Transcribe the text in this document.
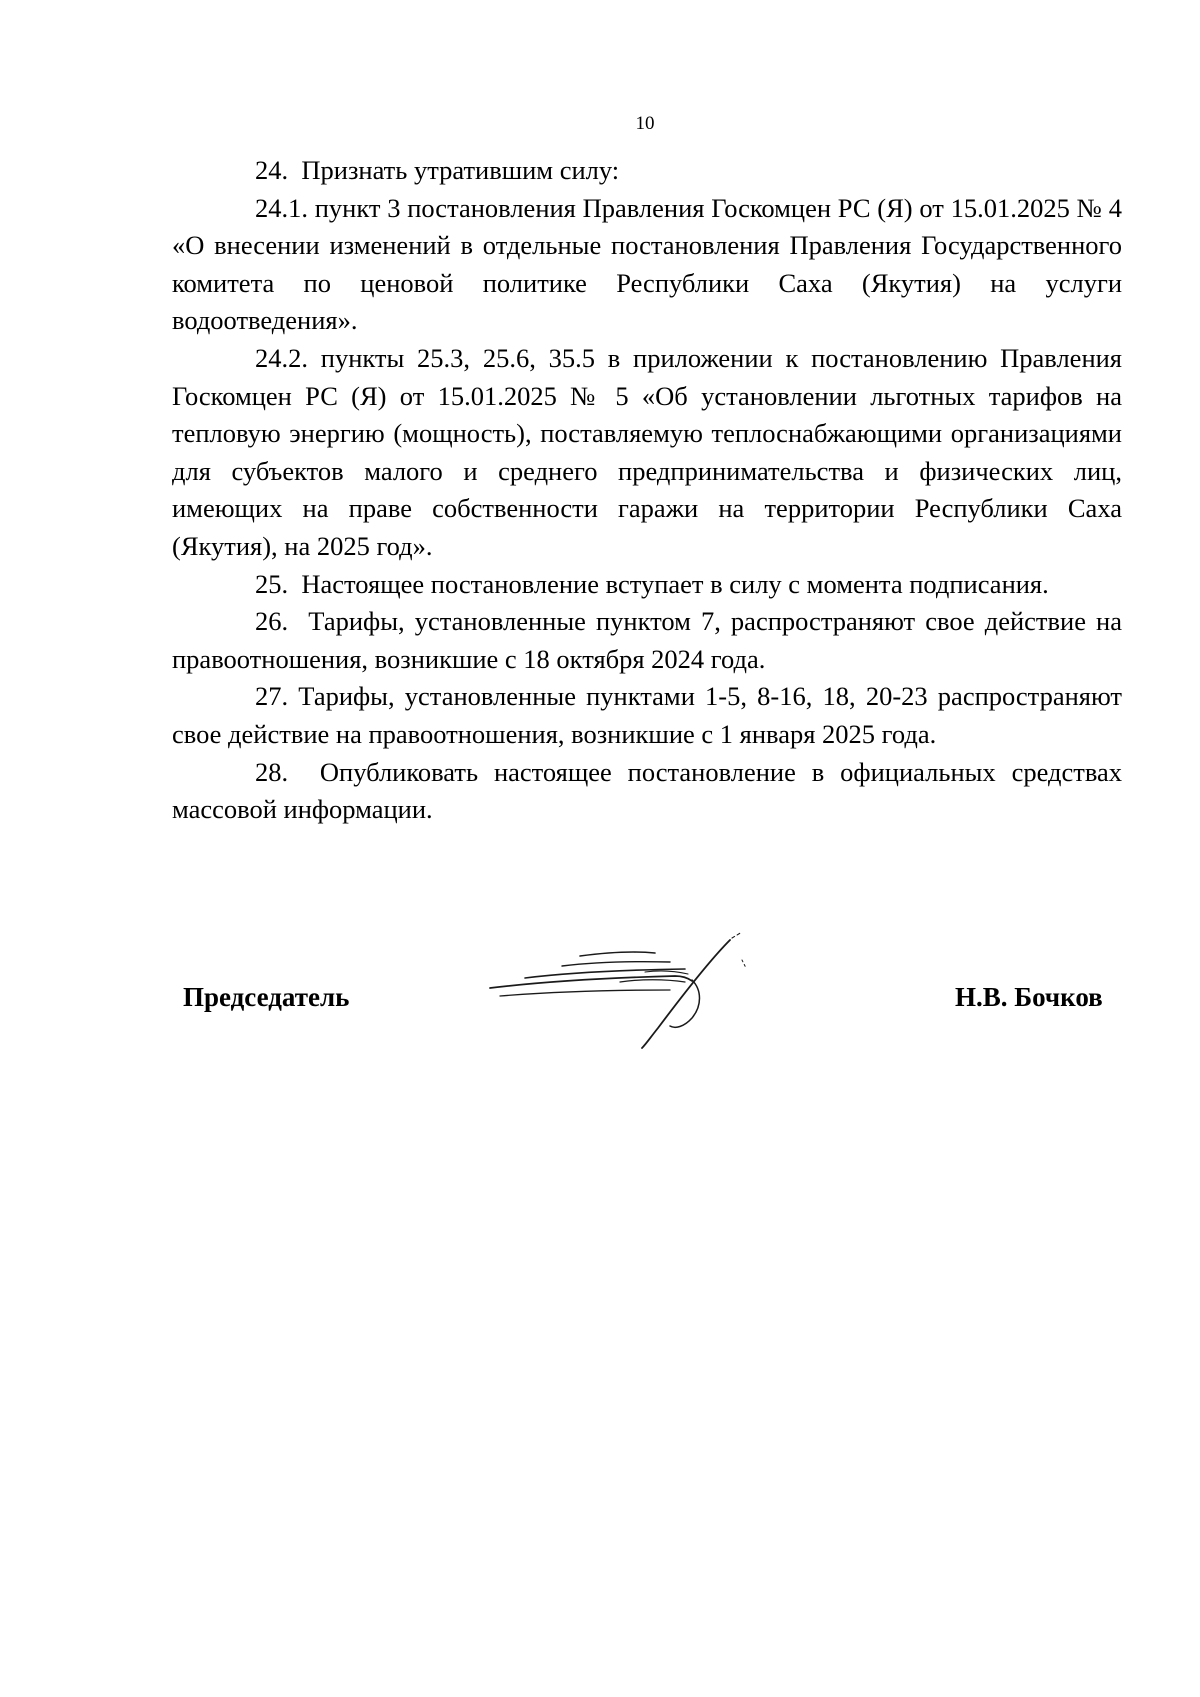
10

24.  Признать утратившим силу:

24.1. пункт 3 постановления Правления Госкомцен РС (Я) от 15.01.2025 № 4 «О внесении изменений в отдельные постановления Правления Государственного комитета по ценовой политике Республики Саха (Якутия) на услуги водоотведения».

24.2. пункты 25.3, 25.6, 35.5 в приложении к постановлению Правления Госкомцен РС (Я) от 15.01.2025 № 5 «Об установлении льготных тарифов на тепловую энергию (мощность), поставляемую теплоснабжающими организациями для субъектов малого и среднего предпринимательства и физических лиц, имеющих на праве собственности гаражи на территории Республики Саха (Якутия), на 2025 год».

25.  Настоящее постановление вступает в силу с момента подписания.

26.  Тарифы, установленные пунктом 7, распространяют свое действие на правоотношения, возникшие с 18 октября 2024 года.

27. Тарифы, установленные пунктами 1-5, 8-16, 18, 20-23 распространяют свое действие на правоотношения, возникшие с 1 января 2025 года.

28.  Опубликовать настоящее постановление в официальных средствах массовой информации.

Председатель	Н.В. Бочков
